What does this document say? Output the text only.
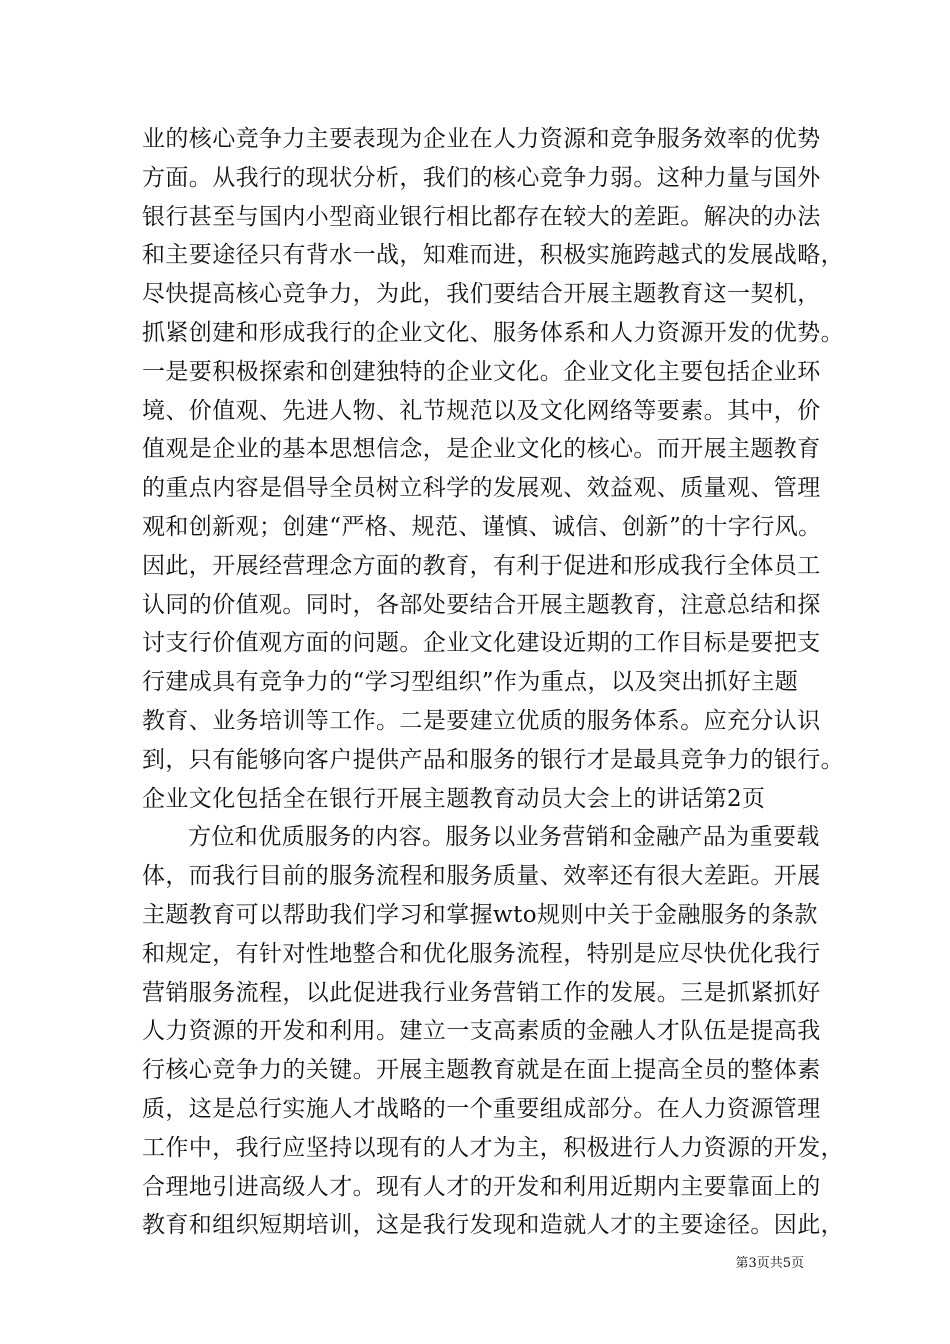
业的核心竞争力主要表现为企业在人力资源和竞争服务效率的优势
方面。从我行的现状分析，我们的核心竞争力弱。这种力量与国外
银行甚至与国内小型商业银行相比都存在较大的差距。解决的办法
和主要途径只有背水一战，知难而进，积极实施跨越式的发展战略，
尽快提高核心竞争力，为此，我们要结合开展主题教育这一契机，
抓紧创建和形成我行的企业文化、服务体系和人力资源开发的优势。
一是要积极探索和创建独特的企业文化。企业文化主要包括企业环
境、价值观、先进人物、礼节规范以及文化网络等要素。其中，价
值观是企业的基本思想信念，是企业文化的核心。而开展主题教育
的重点内容是倡导全员树立科学的发展观、效益观、质量观、管理
观和创新观；创建“严格、规范、谨慎、诚信、创新”的十字行风。
因此，开展经营理念方面的教育，有利于促进和形成我行全体员工
认同的价值观。同时，各部处要结合开展主题教育，注意总结和探
讨支行价值观方面的问题。企业文化建设近期的工作目标是要把支
行建成具有竞争力的“学习型组织”作为重点，以及突出抓好主题
教育、业务培训等工作。二是要建立优质的服务体系。应充分认识
到，只有能够向客户提供产品和服务的银行才是最具竞争力的银行。
企业文化包括全在银行开展主题教育动员大会上的讲话第2页
方位和优质服务的内容。服务以业务营销和金融产品为重要载
体，而我行目前的服务流程和服务质量、效率还有很大差距。开展
主题教育可以帮助我们学习和掌握wto规则中关于金融服务的条款
和规定，有针对性地整合和优化服务流程，特别是应尽快优化我行
营销服务流程，以此促进我行业务营销工作的发展。三是抓紧抓好
人力资源的开发和利用。建立一支高素质的金融人才队伍是提高我
行核心竞争力的关键。开展主题教育就是在面上提高全员的整体素
质，这是总行实施人才战略的一个重要组成部分。在人力资源管理
工作中，我行应坚持以现有的人才为主，积极进行人力资源的开发，
合理地引进高级人才。现有人才的开发和利用近期内主要靠面上的
教育和组织短期培训，这是我行发现和造就人才的主要途径。因此，
第3页共5页
